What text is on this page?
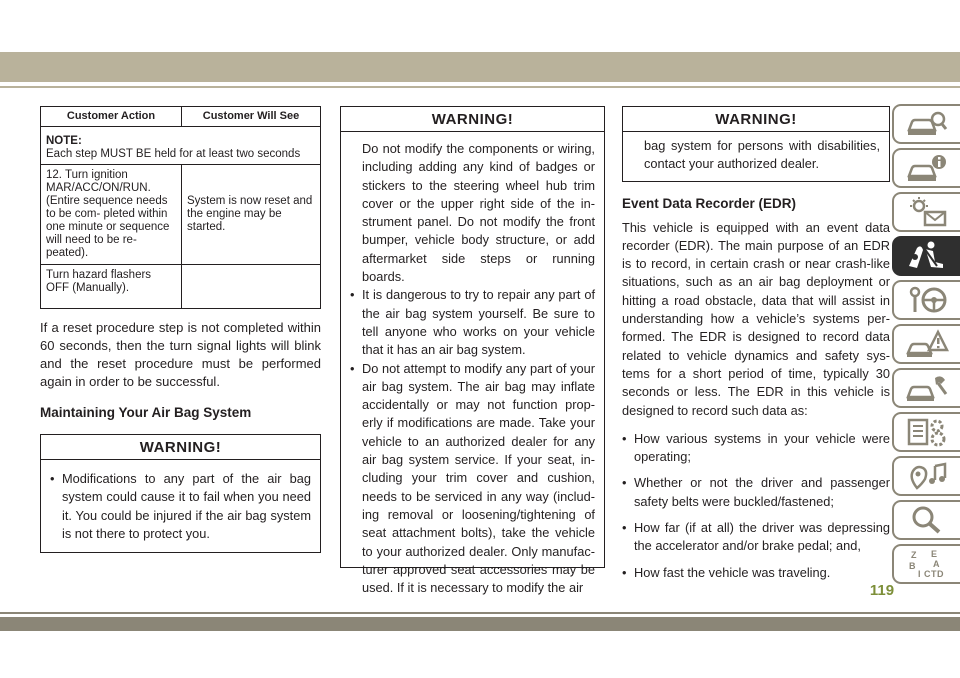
Customer Action	Customer Will See

NOTE:
Each step MUST BE held for at least two seconds	

12. Turn ignition MAR/ACC/ON/RUN. (Entire sequence needs to be com- pleted within one minute or sequence will need to be re- peated).	System is now reset and the engine may be started.
Turn hazard flashers OFF (Manually).	

If a reset procedure step is not completed within 60 seconds, then the turn signal lights will blink and the reset procedure must be performed again in order to be successful.

Maintaining Your Air Bag System
WARNING!
• Modifications to any part of the air bag system could cause it to fail when you need it. You could be injured if the air bag system is not there to protect you.
WARNING!
Do not modify the components or wiring, including adding any kind of badges or stickers to the steering wheel hub trim cover or the upper right side of the in- strument panel. Do not modify the front bumper, vehicle body structure, or add aftermarket side steps or running boards.
• It is dangerous to try to repair any part of the air bag system yourself. Be sure to tell anyone who works on your vehicle that it has an air bag system.
• Do not attempt to modify any part of your air bag system. The air bag may inflate accidentally or may not function prop- erly if modifications are made. Take your vehicle to an authorized dealer for any air bag system service. If your seat, in- cluding your trim cover and cushion, needs to be serviced in any way (includ- ing removal or loosening/tightening of seat attachment bolts), take the vehicle to your authorized dealer. Only manufac- turer approved seat accessories may be used. If it is necessary to modify the air
WARNING!
bag system for persons with disabilities, contact your authorized dealer.
Event Data Recorder (EDR)

This vehicle is equipped with an event data recorder (EDR). The main purpose of an EDR is to record, in certain crash or near crash-like situations, such as an air bag deployment or hitting a road obstacle, data that will assist in understanding how a vehicle’s systems per- formed. The EDR is designed to record data related to vehicle dynamics and safety sys- tems for a short period of time, typically 30 seconds or less. The EDR in this vehicle is designed to record such data as:

• How various systems in your vehicle were operating;
• Whether or not the driver and passenger safety belts were buckled/fastened;
• How far (if at all) the driver was depressing the accelerator and/or brake pedal; and,
• How fast the vehicle was traveling.
Z E
B A
I C T D
119
